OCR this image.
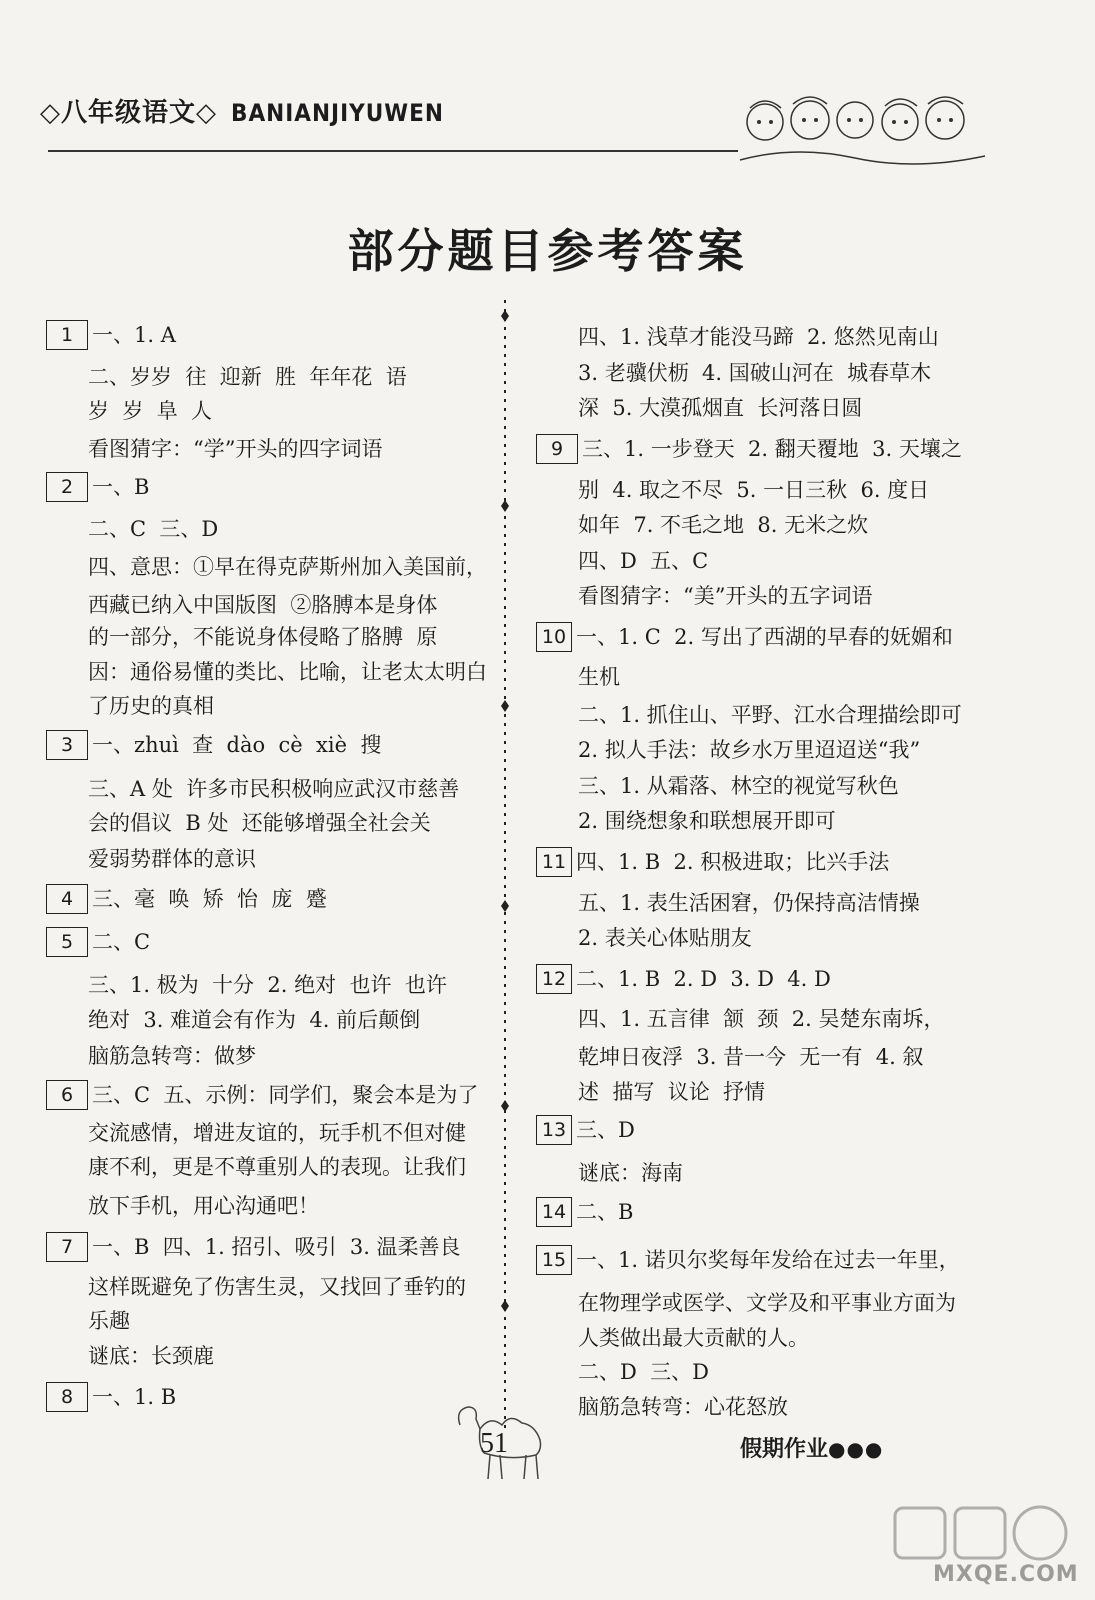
◇八年级语文◇ BANIANJIYUWEN
部分题目参考答案
1 一、1. A
二、岁岁  往  迎新  胜  年年花  语
岁  岁  阜  人
看图猜字：“学”开头的四字词语
2 一、B
二、C  三、D
四、意思：①早在得克萨斯州加入美国前，
西藏已纳入中国版图  ②胳膊本是身体
的一部分，不能说身体侵略了胳膊  原
因：通俗易懂的类比、比喻，让老太太明白
了历史的真相
3 一、zhuì  查  dào  cè  xiè  搜
三、A 处  许多市民积极响应武汉市慈善
会的倡议  B 处  还能够增强全社会关
爱弱势群体的意识
4 三、毫  唤  矫  怡  庞  蹙
5 二、C
三、1. 极为  十分  2. 绝对  也许  也许
绝对  3. 难道会有作为  4. 前后颠倒
脑筋急转弯：做梦
6 三、C  五、示例：同学们，聚会本是为了
交流感情，增进友谊的，玩手机不但对健
康不利，更是不尊重别人的表现。让我们
放下手机，用心沟通吧！
7 一、B  四、1. 招引、吸引  3. 温柔善良
这样既避免了伤害生灵，又找回了垂钓的
乐趣
谜底：长颈鹿
8 一、1. B
四、1. 浅草才能没马蹄  2. 悠然见南山
3. 老骥伏枥  4. 国破山河在  城春草木
深  5. 大漠孤烟直  长河落日圆
9 三、1. 一步登天  2. 翻天覆地  3. 天壤之
别  4. 取之不尽  5. 一日三秋  6. 度日
如年  7. 不毛之地  8. 无米之炊
四、D  五、C
看图猜字：“美”开头的五字词语
10 一、1. C  2. 写出了西湖的早春的妩媚和
生机
二、1. 抓住山、平野、江水合理描绘即可
2. 拟人手法：故乡水万里迢迢送“我”
三、1. 从霜落、林空的视觉写秋色
2. 围绕想象和联想展开即可
11 四、1. B  2. 积极进取；比兴手法
五、1. 表生活困窘，仍保持高洁情操
2. 表关心体贴朋友
12 二、1. B  2. D  3. D  4. D
四、1. 五言律  颔  颈  2. 吴楚东南坼，
乾坤日夜浮  3. 昔一今  无一有  4. 叙
述  描写  议论  抒情
13 三、D
谜底：海南
14 二、B
15 一、1. 诺贝尔奖每年发给在过去一年里，
在物理学或医学、文学及和平事业方面为
人类做出最大贡献的人。
二、D  三、D
脑筋急转弯：心花怒放
51	假期作业●●●
MXQE.COM
